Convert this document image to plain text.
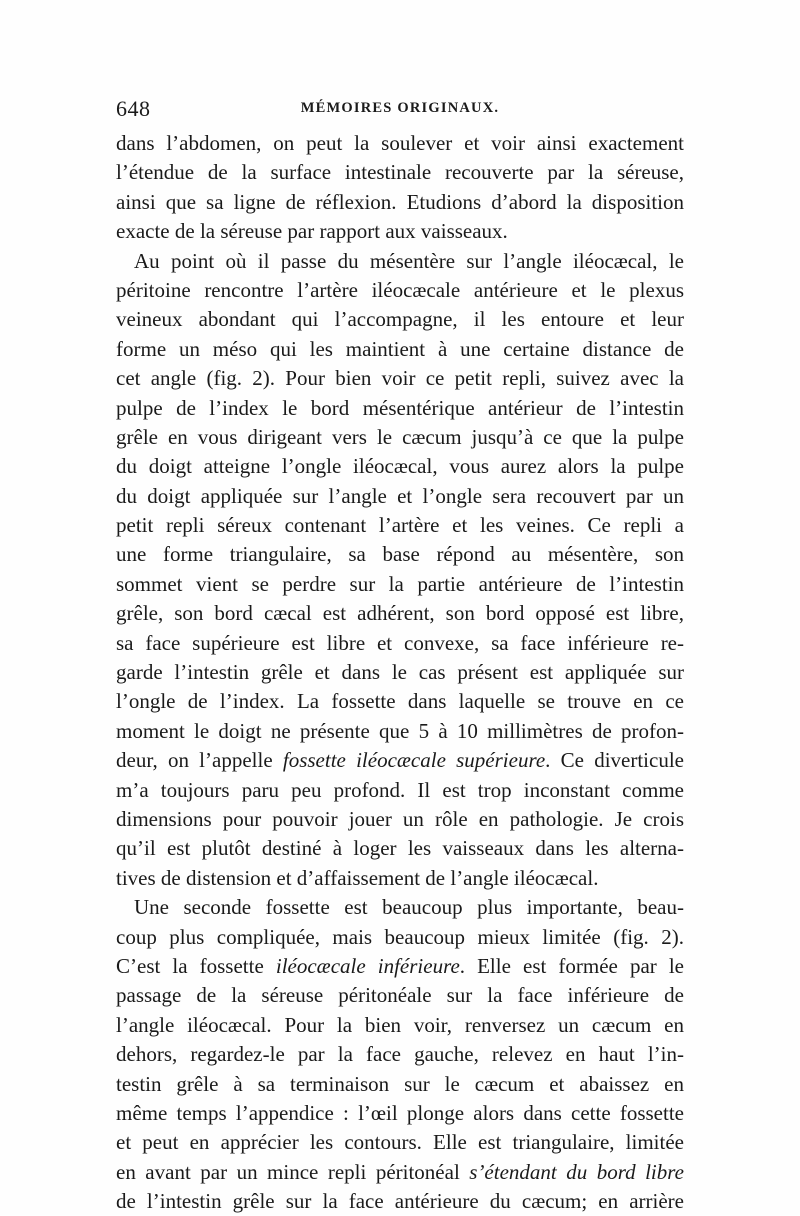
648	MÉMOIRES ORIGINAUX.
dans l’abdomen, on peut la soulever et voir ainsi exactement
l’étendue de la surface intestinale recouverte par la séreuse,
ainsi que sa ligne de réflexion. Etudions d’abord la disposition
exacte de la séreuse par rapport aux vaisseaux.
Au point où il passe du mésentère sur l’angle iléocæcal, le
péritoine rencontre l’artère iléocæcale antérieure et le plexus
veineux abondant qui l’accompagne, il les entoure et leur
forme un méso qui les maintient à une certaine distance de
cet angle (fig. 2). Pour bien voir ce petit repli, suivez avec la
pulpe de l’index le bord mésentérique antérieur de l’intestin
grêle en vous dirigeant vers le cæcum jusqu’à ce que la pulpe
du doigt atteigne l’ongle iléocæcal, vous aurez alors la pulpe
du doigt appliquée sur l’angle et l’ongle sera recouvert par un
petit repli séreux contenant l’artère et les veines. Ce repli a
une forme triangulaire, sa base répond au mésentère, son
sommet vient se perdre sur la partie antérieure de l’intestin
grêle, son bord cæcal est adhérent, son bord opposé est libre,
sa face supérieure est libre et convexe, sa face inférieure re-
garde l’intestin grêle et dans le cas présent est appliquée sur
l’ongle de l’index. La fossette dans laquelle se trouve en ce
moment le doigt ne présente que 5 à 10 millimètres de profon-
deur, on l’appelle fossette iléocæcale supérieure. Ce diverticule
m’a toujours paru peu profond. Il est trop inconstant comme
dimensions pour pouvoir jouer un rôle en pathologie. Je crois
qu’il est plutôt destiné à loger les vaisseaux dans les alterna-
tives de distension et d’affaissement de l’angle iléocæcal.
Une seconde fossette est beaucoup plus importante, beau-
coup plus compliquée, mais beaucoup mieux limitée (fig. 2).
C’est la fossette iléocæcale inférieure. Elle est formée par le
passage de la séreuse péritonéale sur la face inférieure de
l’angle iléocæcal. Pour la bien voir, renversez un cæcum en
dehors, regardez-le par la face gauche, relevez en haut l’in-
testin grêle à sa terminaison sur le cæcum et abaissez en
même temps l’appendice : l’œil plonge alors dans cette fossette
et peut en apprécier les contours. Elle est triangulaire, limitée
en avant par un mince repli péritonéal s’étendant du bord libre
de l’intestin grêle sur la face antérieure du cæcum; en arrière
